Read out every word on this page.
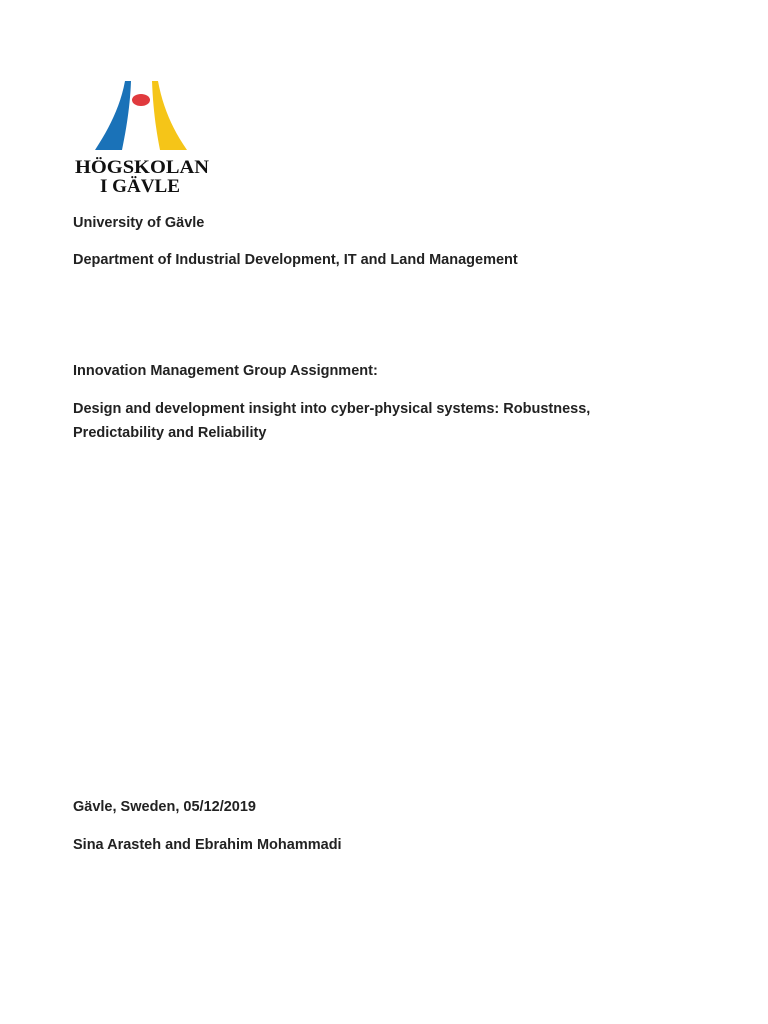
HÖGSKOLAN
I GÄVLE

University of Gävle

Department of Industrial Development, IT and Land Management

Innovation Management Group Assignment:

Design and development insight into cyber-physical systems: Robustness, Predictability and Reliability

Gävle, Sweden, 05/12/2019

Sina Arasteh and Ebrahim Mohammadi
